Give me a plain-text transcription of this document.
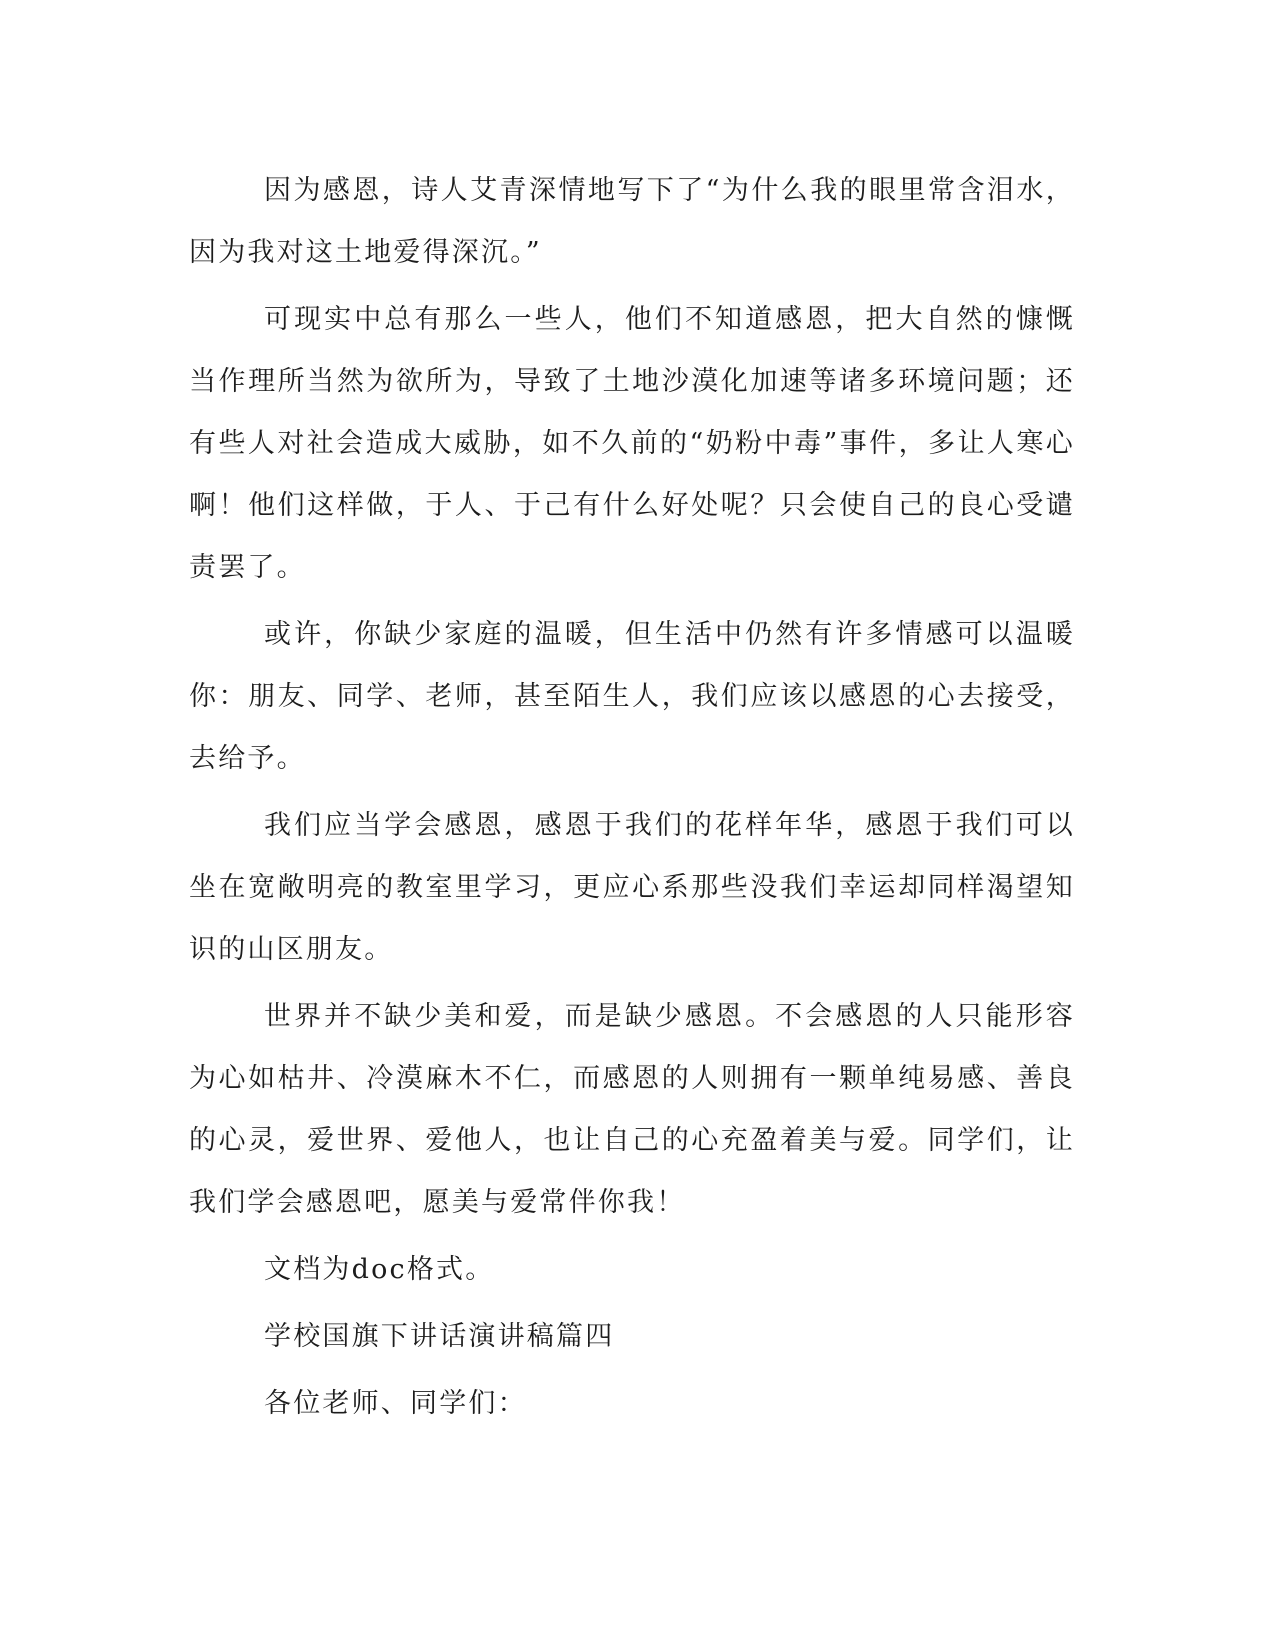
因为感恩，诗人艾青深情地写下了“为什么我的眼里常含泪水，因为我对这土地爱得深沉。”

可现实中总有那么一些人，他们不知道感恩，把大自然的慷慨当作理所当然为欲所为，导致了土地沙漠化加速等诸多环境问题；还有些人对社会造成大威胁，如不久前的“奶粉中毒”事件，多让人寒心啊！他们这样做，于人、于己有什么好处呢？只会使自己的良心受谴责罢了。

或许，你缺少家庭的温暖，但生活中仍然有许多情感可以温暖你：朋友、同学、老师，甚至陌生人，我们应该以感恩的心去接受，去给予。

我们应当学会感恩，感恩于我们的花样年华，感恩于我们可以坐在宽敞明亮的教室里学习，更应心系那些没我们幸运却同样渴望知识的山区朋友。

世界并不缺少美和爱，而是缺少感恩。不会感恩的人只能形容为心如枯井、冷漠麻木不仁，而感恩的人则拥有一颗单纯易感、善良的心灵，爱世界、爱他人，也让自己的心充盈着美与爱。同学们，让我们学会感恩吧，愿美与爱常伴你我！

文档为doc格式。

学校国旗下讲话演讲稿篇四

各位老师、同学们：
